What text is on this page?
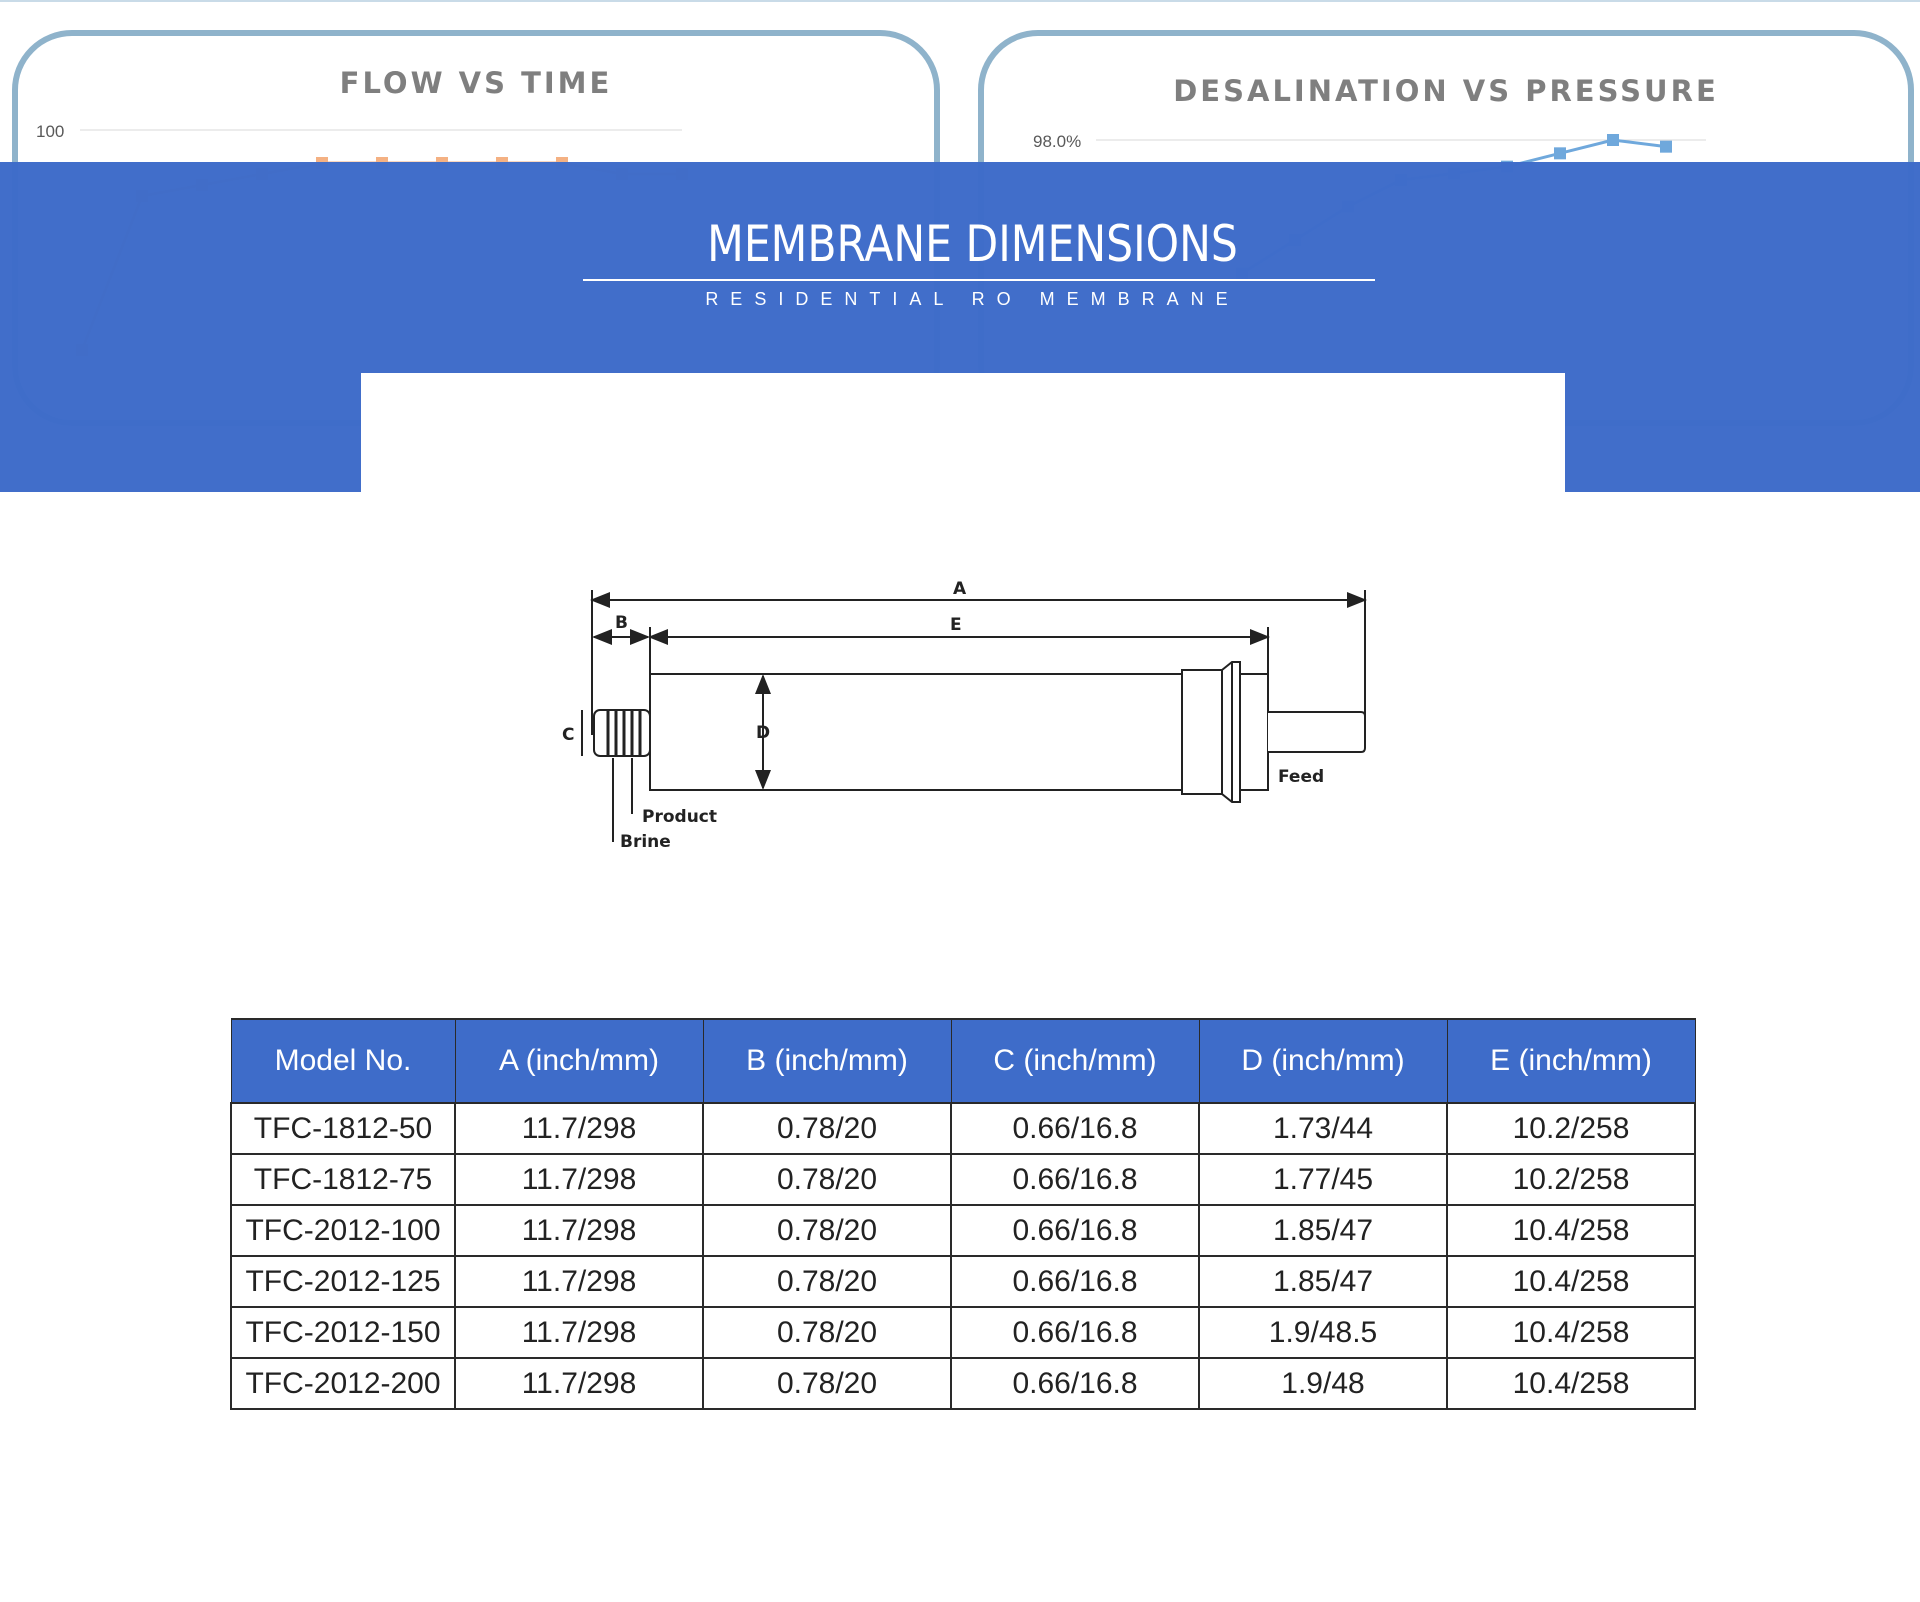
FLOW VS TIME
100
DESALINATION VS PRESSURE
98.0%
MEMBRANE DIMENSIONS
RESIDENTIAL RO MEMBRANE
A
B	E
C	D
Feed
Product
Brine
Model No.	A (inch/mm)	B (inch/mm)	C (inch/mm)	D (inch/mm)	E (inch/mm)
TFC-1812-50	11.7/298	0.78/20	0.66/16.8	1.73/44	10.2/258
TFC-1812-75	11.7/298	0.78/20	0.66/16.8	1.77/45	10.2/258
TFC-2012-100	11.7/298	0.78/20	0.66/16.8	1.85/47	10.4/258
TFC-2012-125	11.7/298	0.78/20	0.66/16.8	1.85/47	10.4/258
TFC-2012-150	11.7/298	0.78/20	0.66/16.8	1.9/48.5	10.4/258
TFC-2012-200	11.7/298	0.78/20	0.66/16.8	1.9/48	10.4/258
